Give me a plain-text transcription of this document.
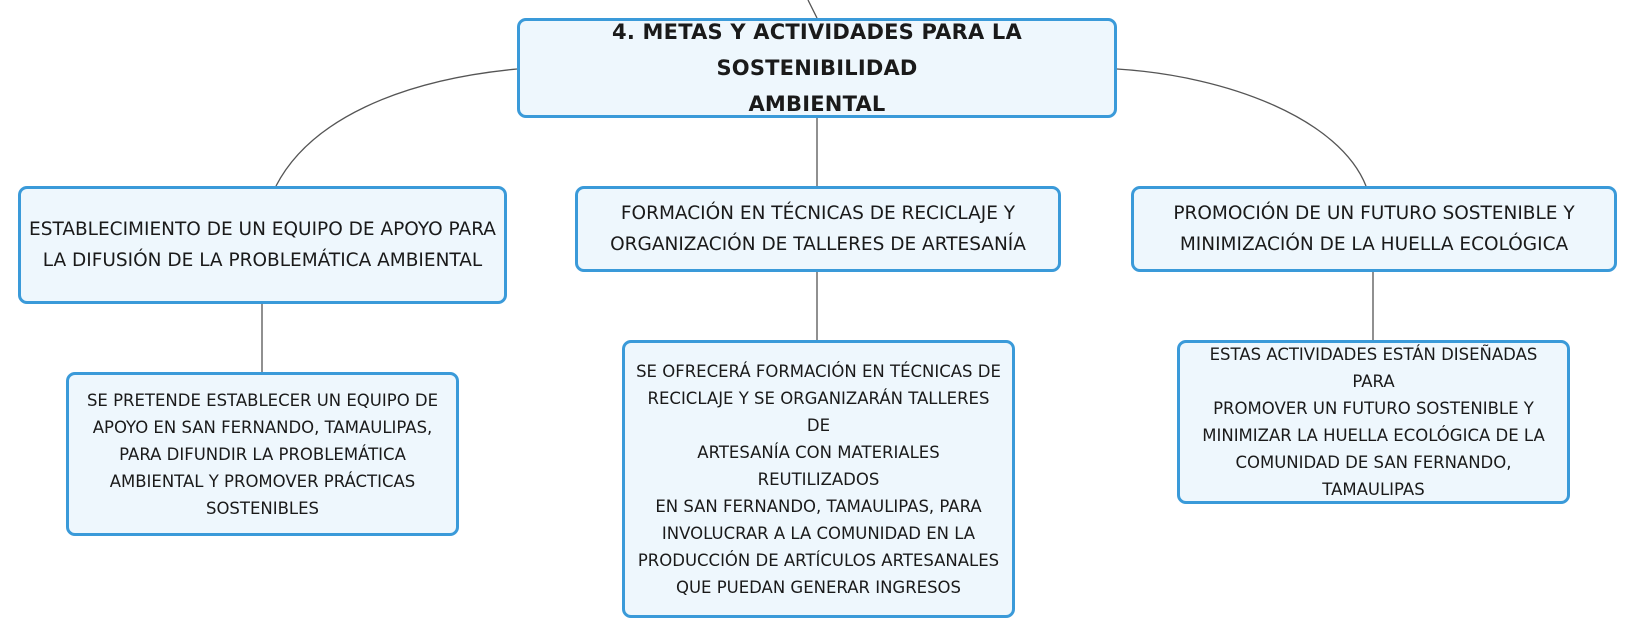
4. METAS Y ACTIVIDADES PARA LA SOSTENIBILIDAD
AMBIENTAL
ESTABLECIMIENTO DE UN EQUIPO DE APOYO PARA
LA DIFUSIÓN DE LA PROBLEMÁTICA AMBIENTAL
FORMACIÓN EN TÉCNICAS DE RECICLAJE Y
ORGANIZACIÓN DE TALLERES DE ARTESANÍA
PROMOCIÓN DE UN FUTURO SOSTENIBLE Y
MINIMIZACIÓN DE LA HUELLA ECOLÓGICA
SE PRETENDE ESTABLECER UN EQUIPO DE
APOYO EN SAN FERNANDO, TAMAULIPAS,
PARA DIFUNDIR LA PROBLEMÁTICA
AMBIENTAL Y PROMOVER PRÁCTICAS
SOSTENIBLES
SE OFRECERÁ FORMACIÓN EN TÉCNICAS DE
RECICLAJE Y SE ORGANIZARÁN TALLERES DE
ARTESANÍA CON MATERIALES REUTILIZADOS
EN SAN FERNANDO, TAMAULIPAS, PARA
INVOLUCRAR A LA COMUNIDAD EN LA
PRODUCCIÓN DE ARTÍCULOS ARTESANALES
QUE PUEDAN GENERAR INGRESOS
ESTAS ACTIVIDADES ESTÁN DISEÑADAS PARA
PROMOVER UN FUTURO SOSTENIBLE Y
MINIMIZAR LA HUELLA ECOLÓGICA DE LA
COMUNIDAD DE SAN FERNANDO,
TAMAULIPAS
